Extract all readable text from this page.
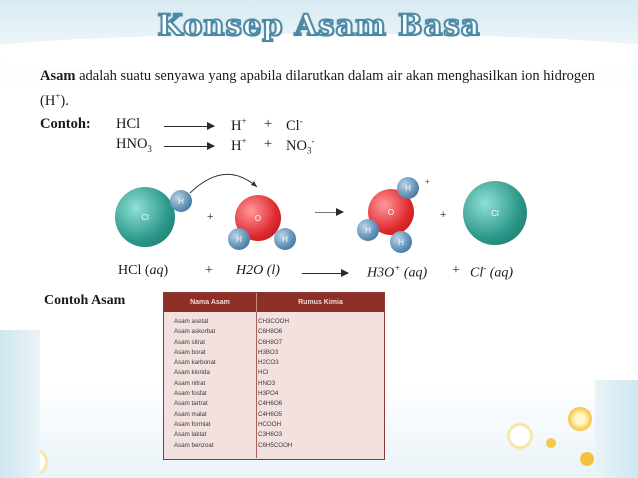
Konsep Asam Basa
Asam adalah suatu senyawa yang apabila dilarutkan dalam air akan menghasilkan ion hidrogen (H+).
Contoh: HCl	H+ + Cl-
$HNO_3$	$H^+ + NO_3^-$
Cl
H
+	O
H	H
O
H
H
H
+
+	Cl
HCl (aq)	+ H2O (l)	H3O+ (aq) + Cl- (aq)
Contoh Asam	Nama Asam	Rumus Kimia
Asam asetat	CH3COOH
Asam askorbat	C6H8O6
Asam sitrat	C6H8O7
Asam borat	H3BO3
Asam karbonat	H2CO3
Asam klorida	HCl
Asam nitrat	HNO3
Asam fosfat	H3PO4
Asam tartrat	C4H6O6
Asam malat	C4H6O5
Asam formiat	HCOOH
Asam laktat	C3H6O3
Asam benzoat	C6H5COOH
